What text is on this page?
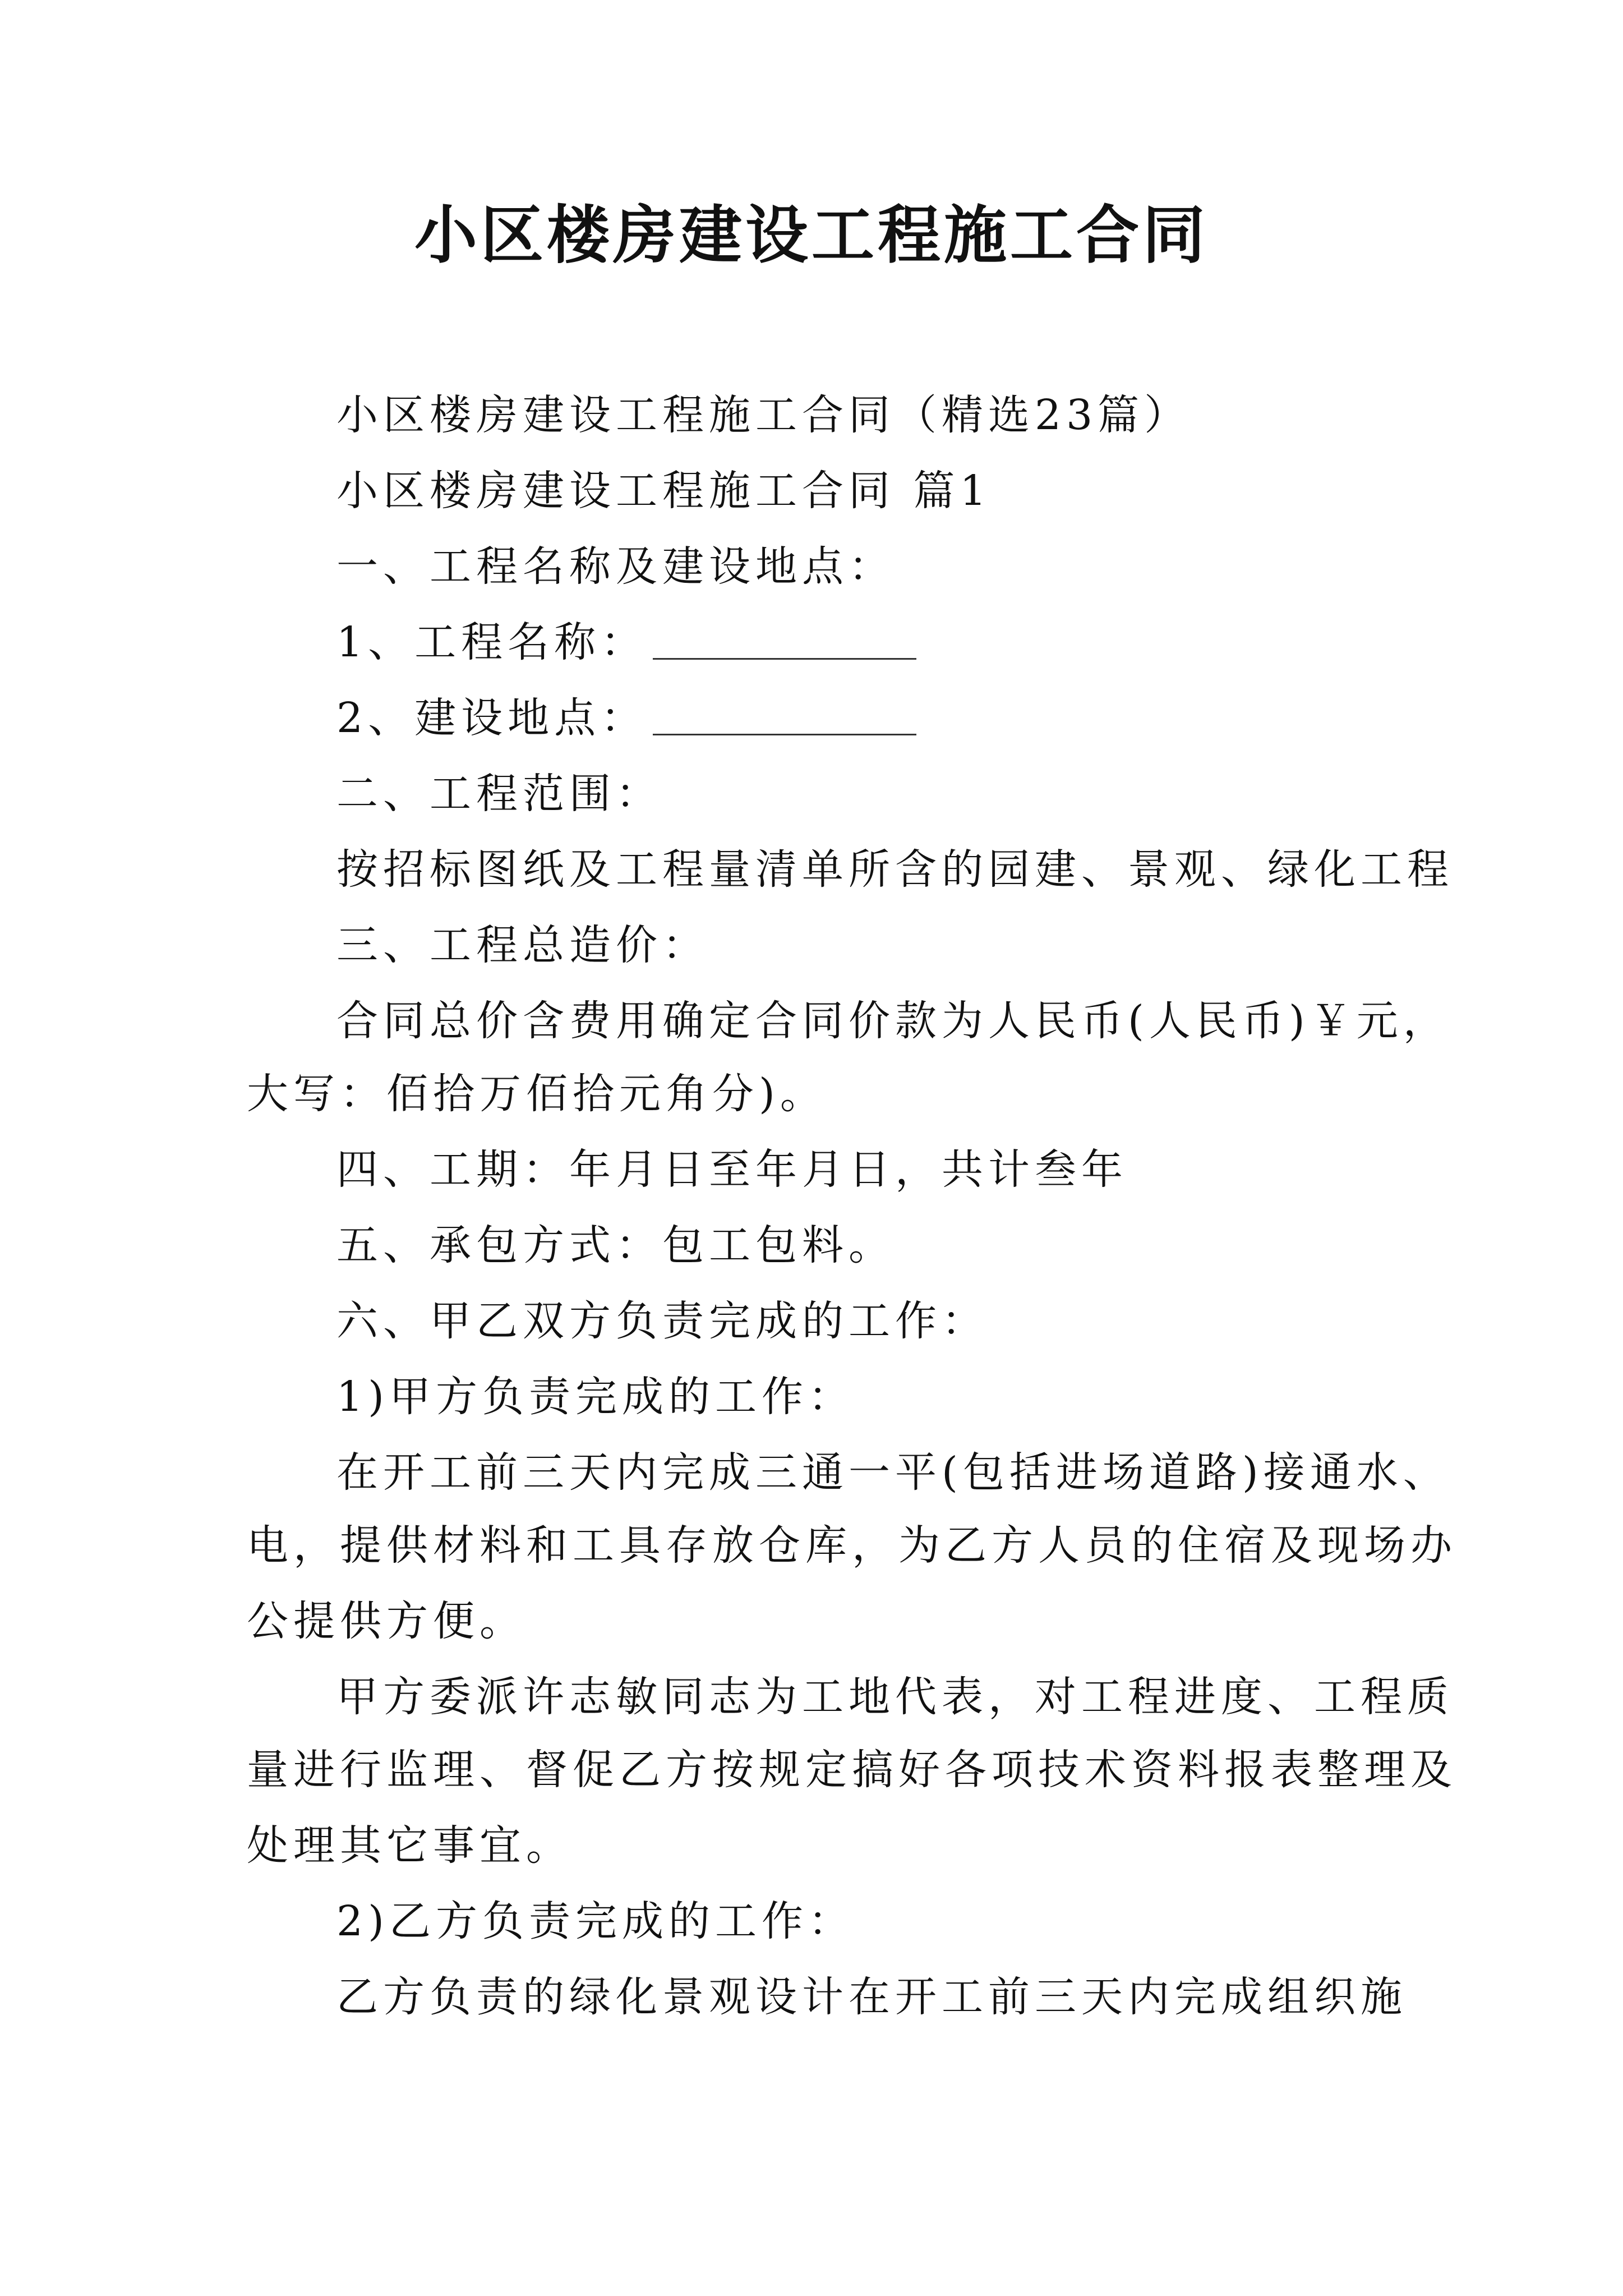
小区楼房建设工程施工合同
小区楼房建设工程施工合同（精选23篇）
小区楼房建设工程施工合同 篇1
一、工程名称及建设地点：
1、工程名称：
2、建设地点：
二、工程范围：
按招标图纸及工程量清单所含的园建、景观、绿化工程
三、工程总造价：
合同总价含费用确定合同价款为人民币(人民币)￥元，
大写：佰拾万佰拾元角分)。
四、工期：年月日至年月日，共计叁年
五、承包方式：包工包料。
六、甲乙双方负责完成的工作：
1)甲方负责完成的工作：
在开工前三天内完成三通一平(包括进场道路)接通水、
电，提供材料和工具存放仓库，为乙方人员的住宿及现场办
公提供方便。
甲方委派许志敏同志为工地代表，对工程进度、工程质
量进行监理、督促乙方按规定搞好各项技术资料报表整理及
处理其它事宜。
2)乙方负责完成的工作：
乙方负责的绿化景观设计在开工前三天内完成组织施
